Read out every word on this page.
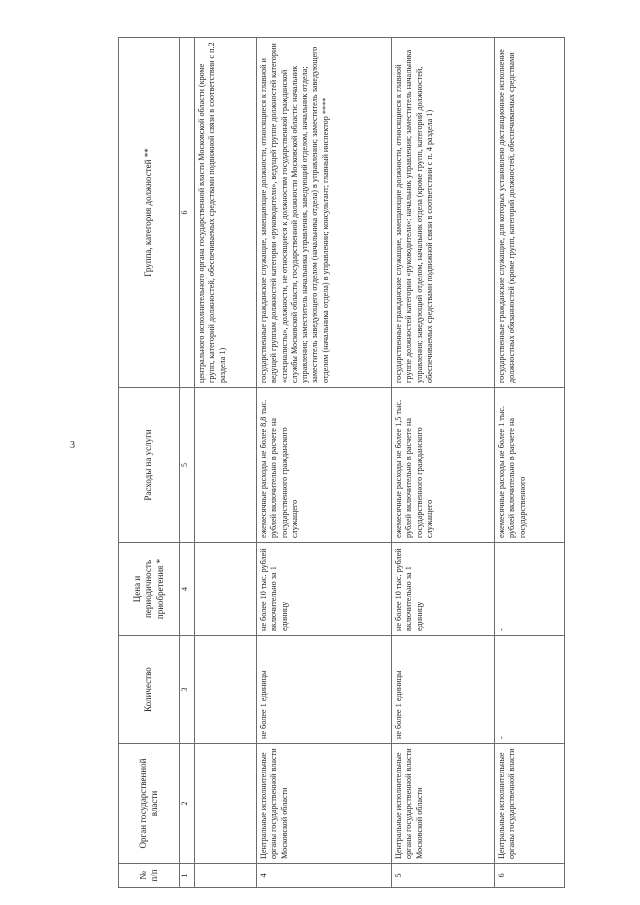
3
№ п/п	Орган государственной власти	Количество	Цена и периодичность приобретения *	Расходы на услуги	Группа, категория должностей **
1	2	3	4	5	6
					центрального исполнительного органа государственной власти Московской области (кроме групп, категорий должностей, обеспечиваемых средствами подвижной связи в соответствии с п.2 раздела 1)
4	Центральные исполнительные органы государственной власти Московской области	не более 1 единицы	не более 10 тыс. рублей включительно за 1 единицу	ежемесячные расходы не более 8,8 тыс. рублей включительно в расчете на государственного гражданского служащего	государственные гражданские служащие, замещающие должности, относящиеся к главной и ведущей группам должностей категории «руководители», ведущей группе должностей категории «специалисты», должности, не относящиеся к должностям государственной гражданской службы Московской области, государственной должности Московской области: начальник управления; заместитель начальника управления, заведующий отделом, начальник отдела; заместитель заведующего отделом (начальника отдела) в управлении; заместитель заведующего отделом (начальника отдела) в управлении; консультант; главный инспектор ****
5	Центральные исполнительные органы государственной власти Московской области	не более 1 единицы	не более 10 тыс. рублей включительно за 1 единицу	ежемесячные расходы не более 1,5 тыс. рублей включительно в расчете на государственного гражданского служащего	государственные гражданские служащие, замещающие должности, относящиеся к главной группе должностей категории «руководители»: начальник управления; заместитель начальника управления; заведующий отделом, начальник отдела (кроме групп, категорий должностей, обеспечиваемых средствами подвижной связи в соответствии с п. 4 раздела 1)
6	Центральные исполнительные органы государственной власти	-	-	ежемесячные расходы не более 1 тыс. рублей включительно в расчете на государственного	государственные гражданские служащие, для которых установлено дистанционное исполнение должностных обязанностей (кроме групп, категорий должностей, обеспечиваемых средствами
